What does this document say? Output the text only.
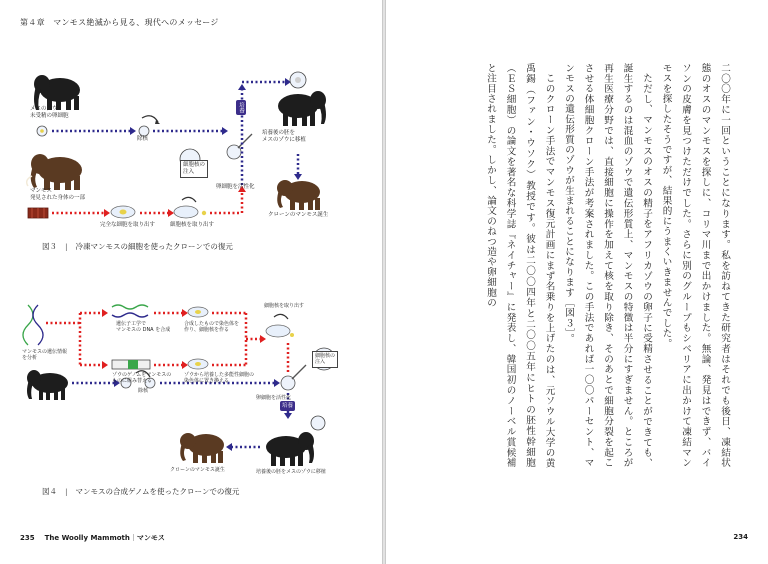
第４章　マンモス絶滅から見る、現代へのメッセージ
培養
メスのゾウ
未受精の卵細胞
除核
培養後の胚を
メスのゾウに移植
細胞核の
注入
卵細胞を活性化
マンモス
発見された身体の一部
完全な細胞を取り出す	細胞核を取り出す
クローンのマンモス誕生
図３ | 冷凍マンモスの細胞を使ったクローンでの復元
マンモスの遺伝情報
を分析
遺伝子工学で
マンモスの DNA を合成
ゾウのゲノムをマンモスの
ものに組み替える
合成したもので染色体を
作り、細胞核を作る
ゾウから培養した多能性細胞の
染色体に置き換える
細胞核を取り出す
細胞核の
注入
除核
卵細胞を活性化
培養
クローンのマンモス誕生	培養後の胚をメスのゾウに移植
図４ | マンモスの合成ゲノムを使ったクローンでの復元
235 The Woolly Mammoth｜マンモス

二〇〇年に一回ということになります。私を訪ねてきた研究者はそれでも後日、凍結状態のオスのマンモスを探しに、コリマ川まで出かけました。無論、発見はできず、バイソンの皮膚を見つけただけでした。さらに別のグループもシベリアに出かけて凍結マンモスを探したそうですが、結果的にうまくいきませんでした。

ただし、マンモスのオスの精子をアフリカゾウの卵子に受精させることができても、誕生するのは混血のゾウで遺伝形質上、マンモスの特徴は半分にすぎません。ところが再生医療分野では、直接細胞に操作を加えて核を取り除き、そのあとで細胞分裂を起こさせる体細胞クローン手法が考案されました。この手法であれば一〇〇パーセント、マンモスの遺伝形質のゾウが生まれることになります［図３］。

このクローン手法でマンモス復元計画にまず名乗りを上げたのは、元ソウル大学の黄禹錫（ファン・ウソク）教授です。彼は二〇〇四年と二〇〇五年にヒトの胚性幹細胞（ＥＳ細胞）の論文を著名な科学誌『ネイチャー』に発表し、韓国初のノーベル賞候補と注目されました。しかし、論文のねつ造や卵細胞の

234
